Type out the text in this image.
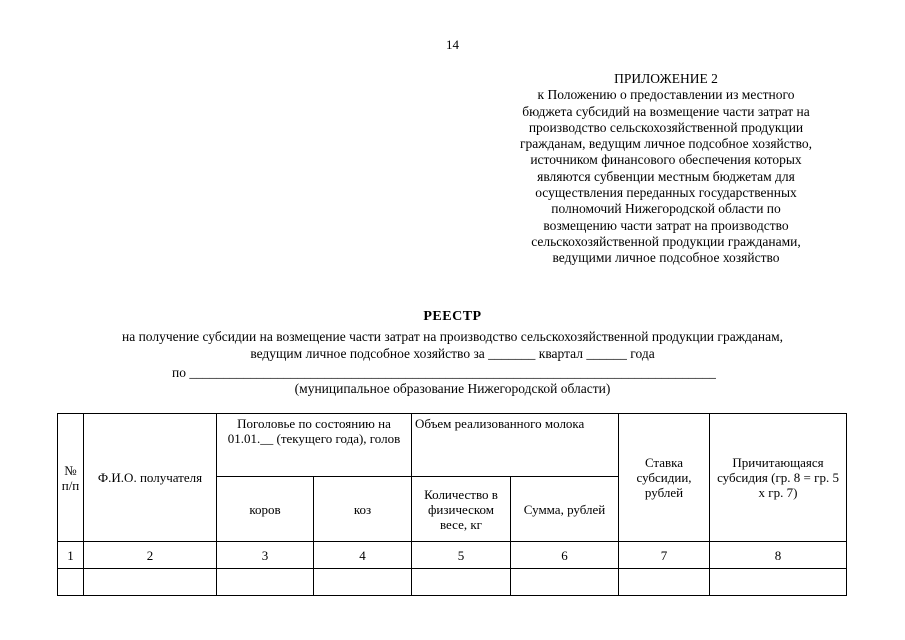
14
ПРИЛОЖЕНИЕ 2
к Положению о предоставлении из местного
бюджета субсидий на возмещение части затрат на
производство сельскохозяйственной продукции
гражданам, ведущим личное подсобное хозяйство,
источником финансового обеспечения которых
являются субвенции местным бюджетам для
осуществления переданных государственных
полномочий Нижегородской области по
возмещению части затрат на производство
сельскохозяйственной продукции гражданами,
ведущими личное подсобное хозяйство
РЕЕСТР
на получение субсидии на возмещение части затрат на производство сельскохозяйственной продукции гражданам,
ведущим личное подсобное хозяйство за _______ квартал ______ года
по ______________________________________________________________________________
(муниципальное образование Нижегородской области)
№ п/п	Ф.И.О. получателя	Поголовье по состоянию на 01.01.__ (текущего года), голов		Объем реализованного молока		Ставка субсидии, рублей	Причитающаяся субсидия (гр. 8 = гр. 5 х гр. 7)
		коров	коз	Количество в физическом весе, кг	Сумма, рублей		
1	2	3	4	5	6	7	8
